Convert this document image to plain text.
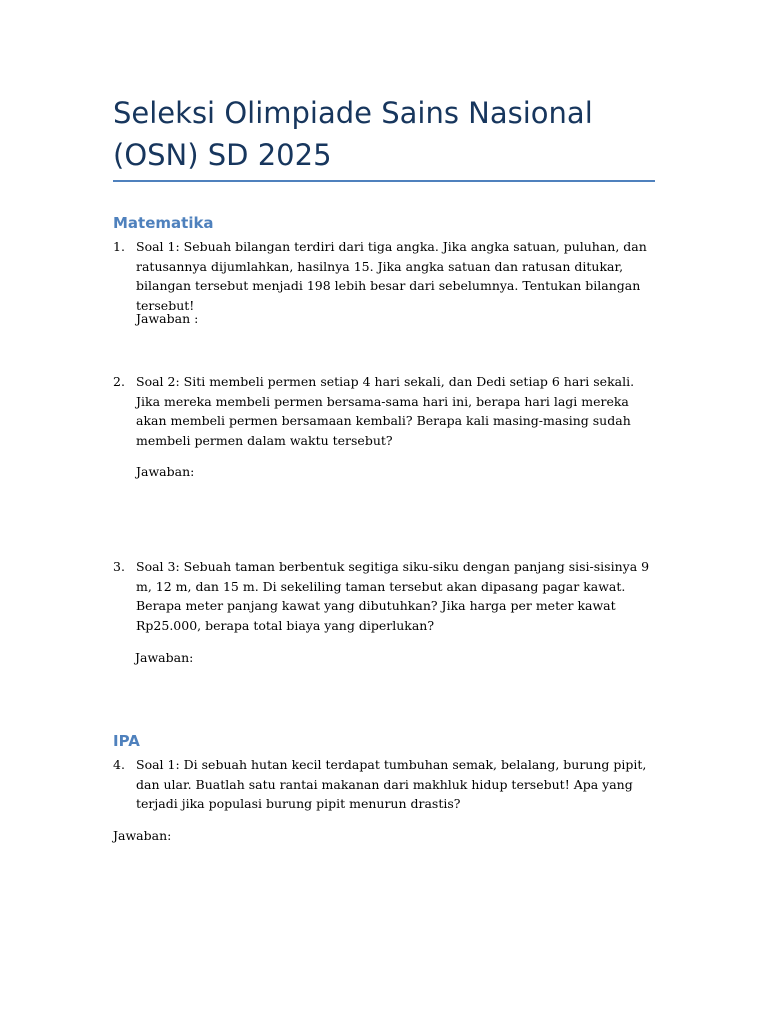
Seleksi Olimpiade Sains Nasional (OSN) SD 2025
Matematika
1. Soal 1: Sebuah bilangan terdiri dari tiga angka. Jika angka satuan, puluhan, dan ratusannya dijumlahkan, hasilnya 15. Jika angka satuan dan ratusan ditukar, bilangan tersebut menjadi 198 lebih besar dari sebelumnya. Tentukan bilangan tersebut!
Jawaban :
2. Soal 2: Siti membeli permen setiap 4 hari sekali, dan Dedi setiap 6 hari sekali. Jika mereka membeli permen bersama-sama hari ini, berapa hari lagi mereka akan membeli permen bersamaan kembali? Berapa kali masing-masing sudah membeli permen dalam waktu tersebut?
Jawaban:
3. Soal 3: Sebuah taman berbentuk segitiga siku-siku dengan panjang sisi-sisinya 9 m, 12 m, dan 15 m. Di sekeliling taman tersebut akan dipasang pagar kawat. Berapa meter panjang kawat yang dibutuhkan? Jika harga per meter kawat Rp25.000, berapa total biaya yang diperlukan?
Jawaban:
IPA
4. Soal 1: Di sebuah hutan kecil terdapat tumbuhan semak, belalang, burung pipit, dan ular. Buatlah satu rantai makanan dari makhluk hidup tersebut! Apa yang terjadi jika populasi burung pipit menurun drastis?
Jawaban:
